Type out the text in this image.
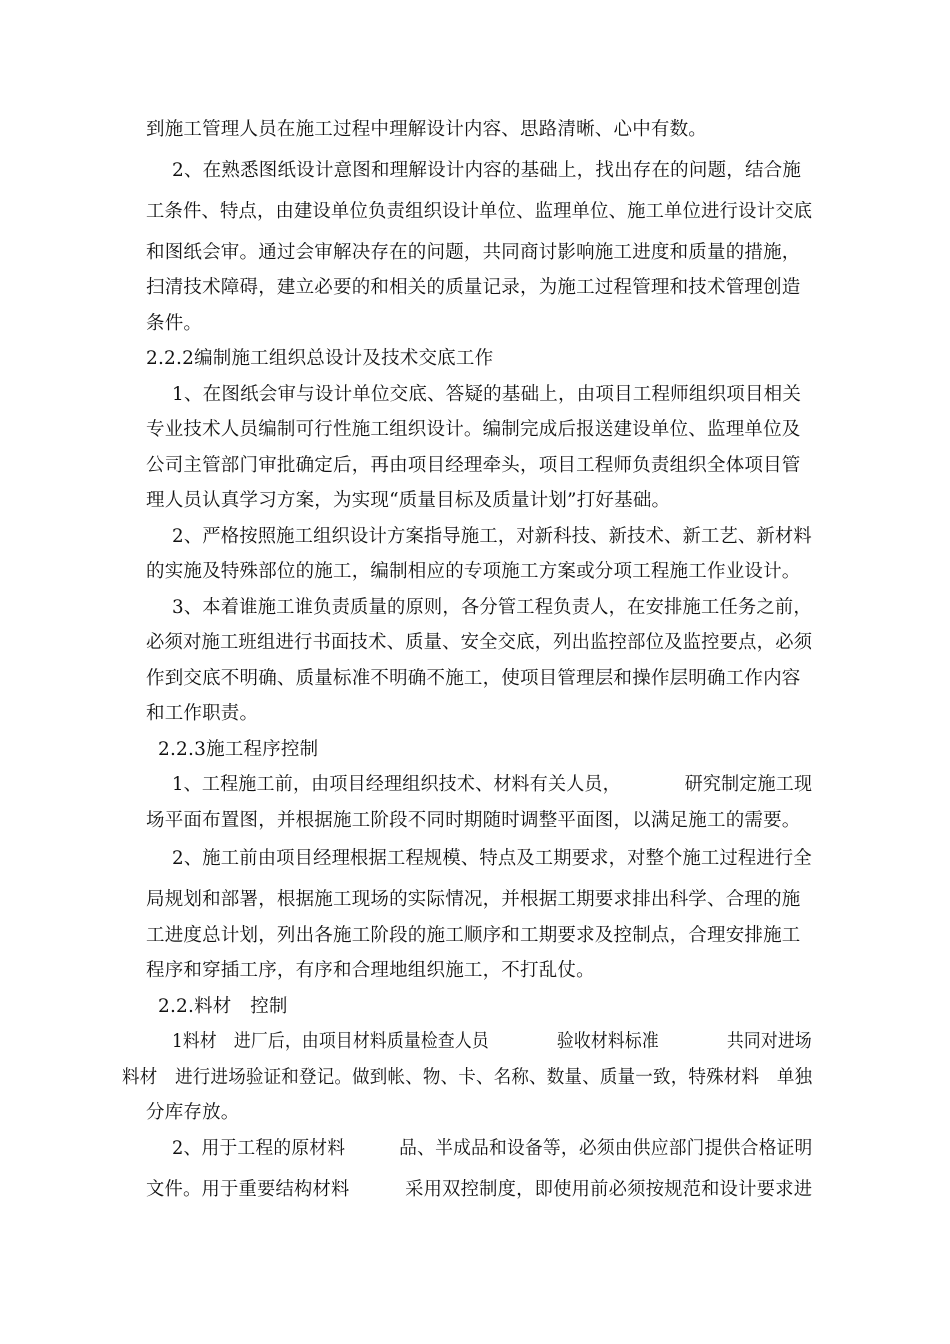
到施工管理人员在施工过程中理解设计内容、思路清晰、心中有数。
2、在熟悉图纸设计意图和理解设计内容的基础上，找出存在的问题，结合施
工条件、特点，由建设单位负责组织设计单位、监理单位、施工单位进行设计交底
和图纸会审。通过会审解决存在的问题，共同商讨影响施工进度和质量的措施，
扫清技术障碍，建立必要的和相关的质量记录，为施工过程管理和技术管理创造
条件。
2.2.2编制施工组织总设计及技术交底工作
1、在图纸会审与设计单位交底、答疑的基础上，由项目工程师组织项目相关
专业技术人员编制可行性施工组织设计。编制完成后报送建设单位、监理单位及
公司主管部门审批确定后，再由项目经理牵头，项目工程师负责组织全体项目管
理人员认真学习方案，为实现“质量目标及质量计划”打好基础。
2、严格按照施工组织设计方案指导施工，对新科技、新技术、新工艺、新材料
的实施及特殊部位的施工，编制相应的专项施工方案或分项工程施工作业设计。
3、本着谁施工谁负责质量的原则，各分管工程负责人，在安排施工任务之前，
必须对施工班组进行书面技术、质量、安全交底，列出监控部位及监控要点，必须
作到交底不明确、质量标准不明确不施工，使项目管理层和操作层明确工作内容
和工作职责。
2.2.3施工程序控制
1、工程施工前，由项目经理组织技术、材料有关人员，　　　　研究制定施工现
场平面布置图，并根据施工阶段不同时期随时调整平面图，以满足施工的需要。
2、施工前由项目经理根据工程规模、特点及工期要求，对整个施工过程进行全
局规划和部署，根据施工现场的实际情况，并根据工期要求排出科学、合理的施
工进度总计划，列出各施工阶段的施工顺序和工期要求及控制点，合理安排施工
程序和穿插工序，有序和合理地组织施工，不打乱仗。
2.2.料材　控制
1料材　进厂后，由项目材料质量检查人员　　　　验收材料标准　　　　共同对进场
料材　进行进场验证和登记。做到帐、物、卡、名称、数量、质量一致，特殊材料　单独
分库存放。
2、用于工程的原材料　　　品、半成品和设备等，必须由供应部门提供合格证明
文件。用于重要结构材料　　　采用双控制度，即使用前必须按规范和设计要求进
